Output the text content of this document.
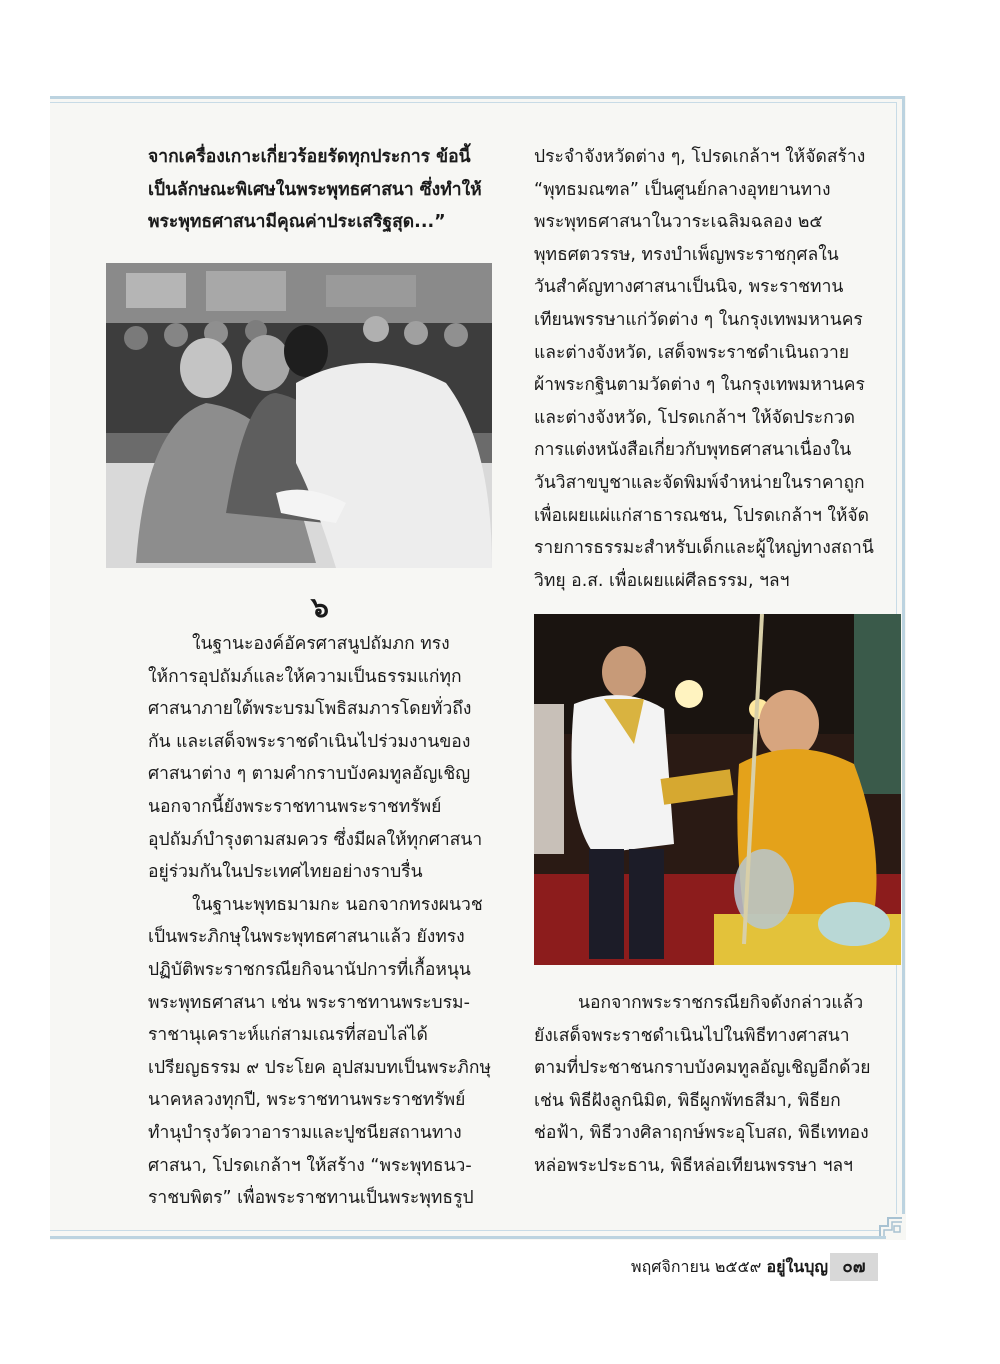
จากเครื่องเกาะเกี่ยวร้อยรัดทุกประการ ข้อนี้
เป็นลักษณะพิเศษในพระพุทธศาสนา ซึ่งทำให้
พระพุทธศาสนามีคุณค่าประเสริฐสุด...”
๖
ในฐานะองค์อัครศาสนูปถัมภก ทรง
ให้การอุปถัมภ์และให้ความเป็นธรรมแก่ทุก
ศาสนาภายใต้พระบรมโพธิสมภารโดยทั่วถึง
กัน และเสด็จพระราชดำเนินไปร่วมงานของ
ศาสนาต่าง ๆ ตามคำกราบบังคมทูลอัญเชิญ
นอกจากนี้ยังพระราชทานพระราชทรัพย์
อุปถัมภ์บำรุงตามสมควร ซึ่งมีผลให้ทุกศาสนา
อยู่ร่วมกันในประเทศไทยอย่างราบรื่น
ในฐานะพุทธมามกะ นอกจากทรงผนวช
เป็นพระภิกษุในพระพุทธศาสนาแล้ว ยังทรง
ปฏิบัติพระราชกรณียกิจนานัปการที่เกื้อหนุน
พระพุทธศาสนา เช่น พระราชทานพระบรม-
ราชานุเคราะห์แก่สามเณรที่สอบไล่ได้
เปรียญธรรม ๙ ประโยค อุปสมบทเป็นพระภิกษุ
นาคหลวงทุกปี, พระราชทานพระราชทรัพย์
ทำนุบำรุงวัดวาอารามและปูชนียสถานทาง
ศาสนา, โปรดเกล้าฯ ให้สร้าง “พระพุทธนว-
ราชบพิตร” เพื่อพระราชทานเป็นพระพุทธรูป
ประจำจังหวัดต่าง ๆ, โปรดเกล้าฯ ให้จัดสร้าง
“พุทธมณฑล” เป็นศูนย์กลางอุทยานทาง
พระพุทธศาสนาในวาระเฉลิมฉลอง ๒๕
พุทธศตวรรษ, ทรงบำเพ็ญพระราชกุศลใน
วันสำคัญทางศาสนาเป็นนิจ, พระราชทาน
เทียนพรรษาแก่วัดต่าง ๆ ในกรุงเทพมหานคร
และต่างจังหวัด, เสด็จพระราชดำเนินถวาย
ผ้าพระกฐินตามวัดต่าง ๆ ในกรุงเทพมหานคร
และต่างจังหวัด, โปรดเกล้าฯ ให้จัดประกวด
การแต่งหนังสือเกี่ยวกับพุทธศาสนาเนื่องใน
วันวิสาขบูชาและจัดพิมพ์จำหน่ายในราคาถูก
เพื่อเผยแผ่แก่สาธารณชน, โปรดเกล้าฯ ให้จัด
รายการธรรมะสำหรับเด็กและผู้ใหญ่ทางสถานี
วิทยุ อ.ส. เพื่อเผยแผ่ศีลธรรม, ฯลฯ
นอกจากพระราชกรณียกิจดังกล่าวแล้ว
ยังเสด็จพระราชดำเนินไปในพิธีทางศาสนา
ตามที่ประชาชนกราบบังคมทูลอัญเชิญอีกด้วย
เช่น พิธีฝังลูกนิมิต, พิธีผูกพัทธสีมา, พิธียก
ช่อฟ้า, พิธีวางศิลาฤกษ์พระอุโบสถ, พิธีเททอง
หล่อพระประธาน, พิธีหล่อเทียนพรรษา ฯลฯ
พฤศจิกายน ๒๕๕๙ อยู่ในบุญ ๐๗
